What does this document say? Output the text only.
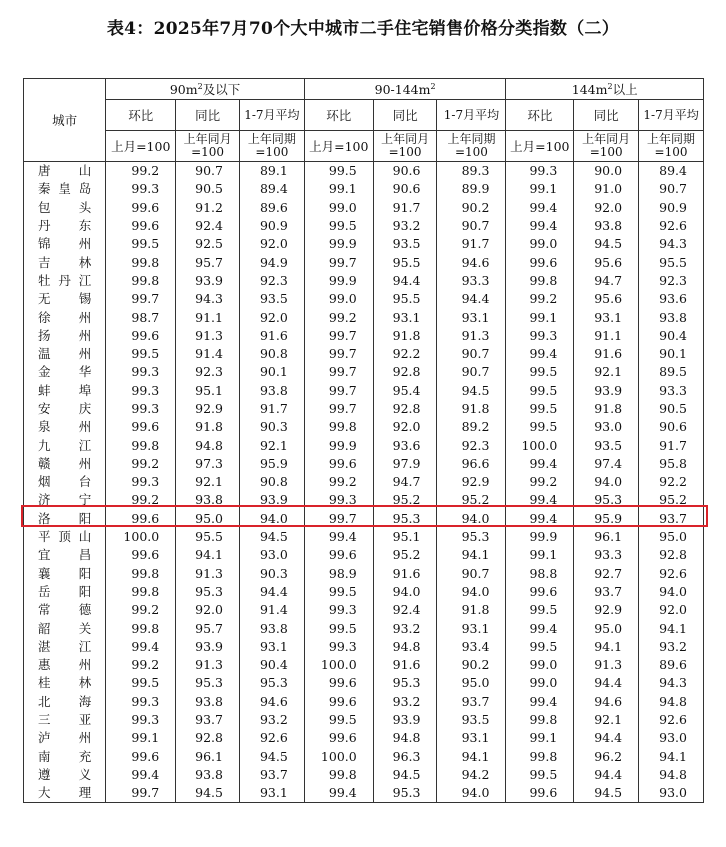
表4：2025年7月70个大中城市二手住宅销售价格分类指数（二）
城市	$90m^2$及以下			$90-144m^2$			$144m^2$以上		
	环比	同比	1-7月平均	环比	同比	1-7月平均	环比	同比	1-7月平均
	上月=100	上年同月=100	上年同期=100	上月=100	上年同月=100	上年同期=100	上月=100	上年同月=100	上年同期=100
唐山	99.2	90.7	89.1	99.5	90.6	89.3	99.3	90.0	89.4
秦皇岛	99.3	90.5	89.4	99.1	90.6	89.9	99.1	91.0	90.7
包头	99.6	91.2	89.6	99.0	91.7	90.2	99.4	92.0	90.9
丹东	99.6	92.4	90.9	99.5	93.2	90.7	99.4	93.8	92.6
锦州	99.5	92.5	92.0	99.9	93.5	91.7	99.0	94.5	94.3
吉林	99.8	95.7	94.9	99.7	95.5	94.6	99.6	95.6	95.5
牡丹江	99.8	93.9	92.3	99.9	94.4	93.3	99.8	94.7	92.3
无锡	99.7	94.3	93.5	99.0	95.5	94.4	99.2	95.6	93.6
徐州	98.7	91.1	92.0	99.2	93.1	93.1	99.1	93.1	93.8
扬州	99.6	91.3	91.6	99.7	91.8	91.3	99.3	91.1	90.4
温州	99.5	91.4	90.8	99.7	92.2	90.7	99.4	91.6	90.1
金华	99.3	92.3	90.1	99.7	92.8	90.7	99.5	92.1	89.5
蚌埠	99.3	95.1	93.8	99.7	95.4	94.5	99.5	93.9	93.3
安庆	99.3	92.9	91.7	99.7	92.8	91.8	99.5	91.8	90.5
泉州	99.6	91.8	90.3	99.8	92.0	89.2	99.5	93.0	90.6
九江	99.8	94.8	92.1	99.9	93.6	92.3	100.0	93.5	91.7
赣州	99.2	97.3	95.9	99.6	97.9	96.6	99.4	97.4	95.8
烟台	99.3	92.1	90.8	99.2	94.7	92.9	99.2	94.0	92.2
济宁	99.2	93.8	93.9	99.3	95.2	95.2	99.4	95.3	95.2
洛阳	99.6	95.0	94.0	99.7	95.3	94.0	99.4	95.9	93.7
平顶山	100.0	95.5	94.5	99.4	95.1	95.3	99.9	96.1	95.0
宜昌	99.6	94.1	93.0	99.6	95.2	94.1	99.1	93.3	92.8
襄阳	99.8	91.3	90.3	98.9	91.6	90.7	98.8	92.7	92.6
岳阳	99.8	95.3	94.4	99.5	94.0	94.0	99.6	93.7	94.0
常德	99.2	92.0	91.4	99.3	92.4	91.8	99.5	92.9	92.0
韶关	99.8	95.7	93.8	99.5	93.2	93.1	99.4	95.0	94.1
湛江	99.4	93.9	93.1	99.3	94.8	93.4	99.5	94.1	93.2
惠州	99.2	91.3	90.4	100.0	91.6	90.2	99.0	91.3	89.6
桂林	99.5	95.3	95.3	99.6	95.3	95.0	99.0	94.4	94.3
北海	99.3	93.8	94.6	99.6	93.2	93.7	99.4	94.6	94.8
三亚	99.3	93.7	93.2	99.5	93.9	93.5	99.8	92.1	92.6
泸州	99.1	92.8	92.6	99.6	94.8	93.1	99.1	94.4	93.0
南充	99.6	96.1	94.5	100.0	96.3	94.1	99.8	96.2	94.1
遵义	99.4	93.8	93.7	99.8	94.5	94.2	99.5	94.4	94.8
大理	99.7	94.5	93.1	99.4	95.3	94.0	99.6	94.5	93.0
